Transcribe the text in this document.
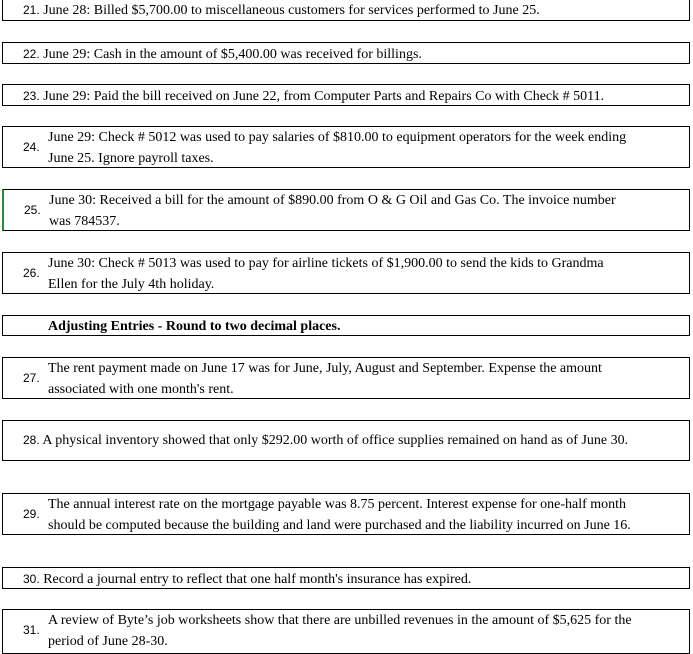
21. June 28: Billed $5,700.00 to miscellaneous customers for services performed to June 25.
22. June 29: Cash in the amount of $5,400.00 was received for billings.
23. June 29: Paid the bill received on June 22, from Computer Parts and Repairs Co with Check # 5011.
24.
June 29: Check # 5012 was used to pay salaries of $810.00 to equipment operators for the week ending
June 25. Ignore payroll taxes.
25.
June 30: Received a bill for the amount of $890.00 from O & G Oil and Gas Co. The invoice number
was 784537.
26.
June 30: Check # 5013 was used to pay for airline tickets of $1,900.00 to send the kids to Grandma
Ellen for the July 4th holiday.
Adjusting Entries - Round to two decimal places.
27.
The rent payment made on June 17 was for June, July, August and September. Expense the amount
associated with one month's rent.
28. A physical inventory showed that only $292.00 worth of office supplies remained on hand as of June 30.
29.
The annual interest rate on the mortgage payable was 8.75 percent. Interest expense for one-half month
should be computed because the building and land were purchased and the liability incurred on June 16.
30. Record a journal entry to reflect that one half month's insurance has expired.
31.
A review of Byte’s job worksheets show that there are unbilled revenues in the amount of $5,625 for the
period of June 28-30.
